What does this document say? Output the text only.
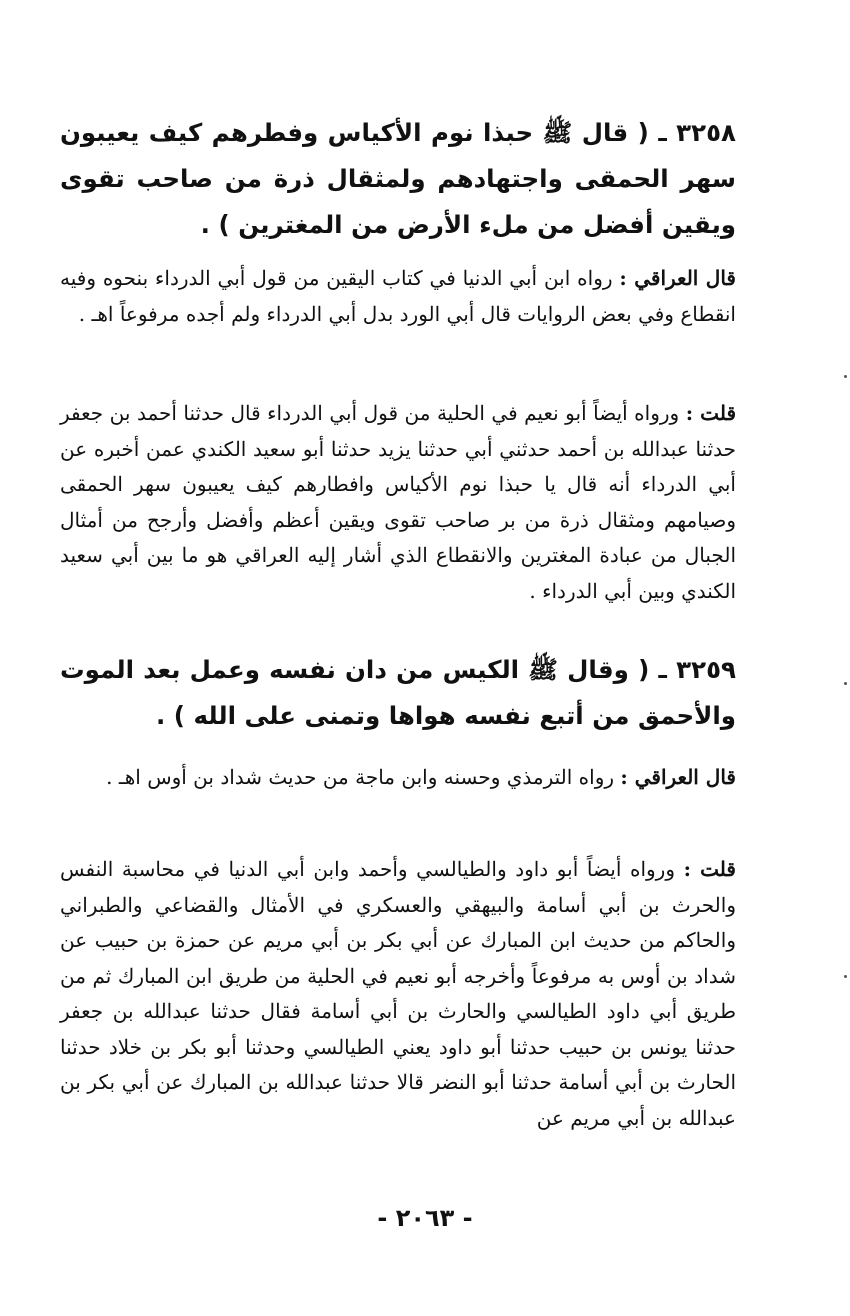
٣٢٥٨ ـ ( قال ﷺ حبذا نوم الأكياس وفطرهم كيف يعيبون سهر الحمقى واجتهادهم ولمثقال ذرة من صاحب تقوى ويقين أفضل من ملء الأرض من المغترين ) .

قال العراقي : رواه ابن أبي الدنيا في كتاب اليقين من قول أبي الدرداء بنحوه وفيه انقطاع وفي بعض الروايات قال أبي الورد بدل أبي الدرداء ولم أجده مرفوعاً اهـ .

قلت : ورواه أيضاً أبو نعيم في الحلية من قول أبي الدرداء قال حدثنا أحمد بن جعفر حدثنا عبدالله بن أحمد حدثني أبي حدثنا يزيد حدثنا أبو سعيد الكندي عمن أخبره عن أبي الدرداء أنه قال يا حبذا نوم الأكياس وافطارهم كيف يعيبون سهر الحمقى وصيامهم ومثقال ذرة من بر صاحب تقوى ويقين أعظم وأفضل وأرجح من أمثال الجبال من عبادة المغترين والانقطاع الذي أشار إليه العراقي هو ما بين أبي سعيد الكندي وبين أبي الدرداء .

٣٢٥٩ ـ ( وقال ﷺ الكيس من دان نفسه وعمل بعد الموت والأحمق من أتبع نفسه هواها وتمنى على الله ) .

قال العراقي : رواه الترمذي وحسنه وابن ماجة من حديث شداد بن أوس اهـ .

قلت : ورواه أيضاً أبو داود والطيالسي وأحمد وابن أبي الدنيا في محاسبة النفس والحرث بن أبي أسامة والبيهقي والعسكري في الأمثال والقضاعي والطبراني والحاكم من حديث ابن المبارك عن أبي بكر بن أبي مريم عن حمزة بن حبيب عن شداد بن أوس به مرفوعاً وأخرجه أبو نعيم في الحلية من طريق ابن المبارك ثم من طريق أبي داود الطيالسي والحارث بن أبي أسامة فقال حدثنا عبدالله بن جعفر حدثنا يونس بن حبيب حدثنا أبو داود يعني الطيالسي وحدثنا أبو بكر بن خلاد حدثنا الحارث بن أبي أسامة حدثنا أبو النضر قالا حدثنا عبدالله بن المبارك عن أبي بكر بن عبدالله بن أبي مريم عن

- ٢٠٦٣ -
